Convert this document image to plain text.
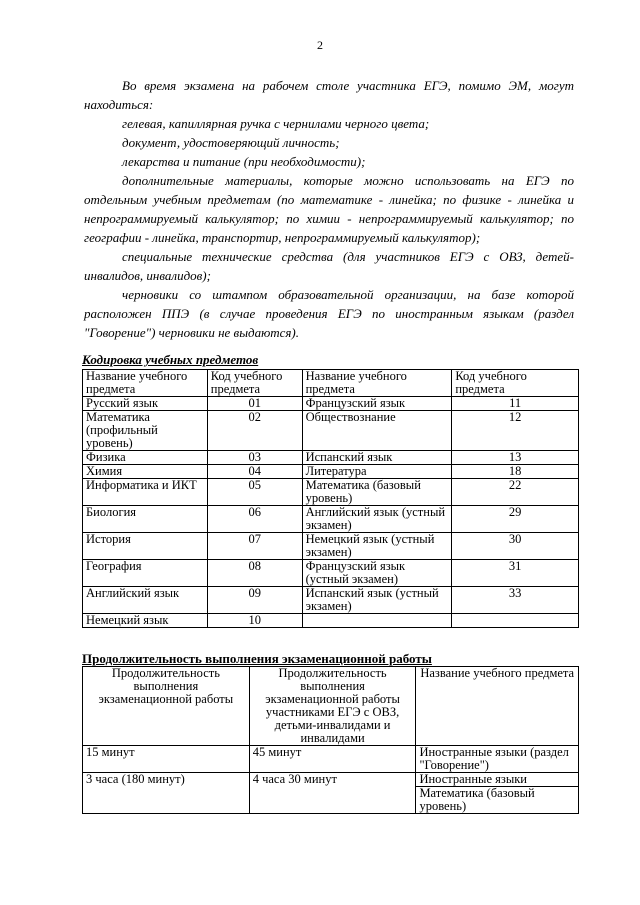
2

Во время экзамена на рабочем столе участника ЕГЭ, помимо ЭМ, могут находиться:

гелевая, капиллярная ручка с чернилами черного цвета;

документ, удостоверяющий личность;

лекарства и питание (при необходимости);

дополнительные материалы, которые можно использовать на ЕГЭ по отдельным учебным предметам (по математике - линейка; по физике - линейка и непрограммируемый калькулятор; по химии - непрограммируемый калькулятор; по географии - линейка, транспортир, непрограммируемый калькулятор);

специальные технические средства (для участников ЕГЭ с ОВЗ, детей-инвалидов, инвалидов);

черновики со штампом образовательной организации, на базе которой расположен ППЭ (в случае проведения ЕГЭ по иностранным языкам (раздел "Говорение") черновики не выдаются).

Кодировка учебных предметов
Название учебного предмета	Код учебного предмета	Название учебного предмета	Код учебного предмета
Русский язык	01	Французский язык	11
Математика (профильный уровень)	02	Обществознание	12
Физика	03	Испанский язык	13
Химия	04	Литература	18
Информатика и ИКТ	05	Математика (базовый уровень)	22
Биология	06	Английский язык (устный экзамен)	29
История	07	Немецкий язык (устный экзамен)	30
География	08	Французский язык (устный экзамен)	31
Английский язык	09	Испанский язык (устный экзамен)	33
Немецкий язык	10		
Продолжительность выполнения экзаменационной работы
Продолжительность выполнения экзаменационной работы	Продолжительность выполнения экзаменационной работы участниками ЕГЭ с ОВЗ, детьми-инвалидами и инвалидами	Название учебного предмета
15 минут	45 минут	Иностранные языки (раздел "Говорение")
3 часа (180 минут)	4 часа 30 минут	Иностранные языки
		Математика (базовый уровень)
